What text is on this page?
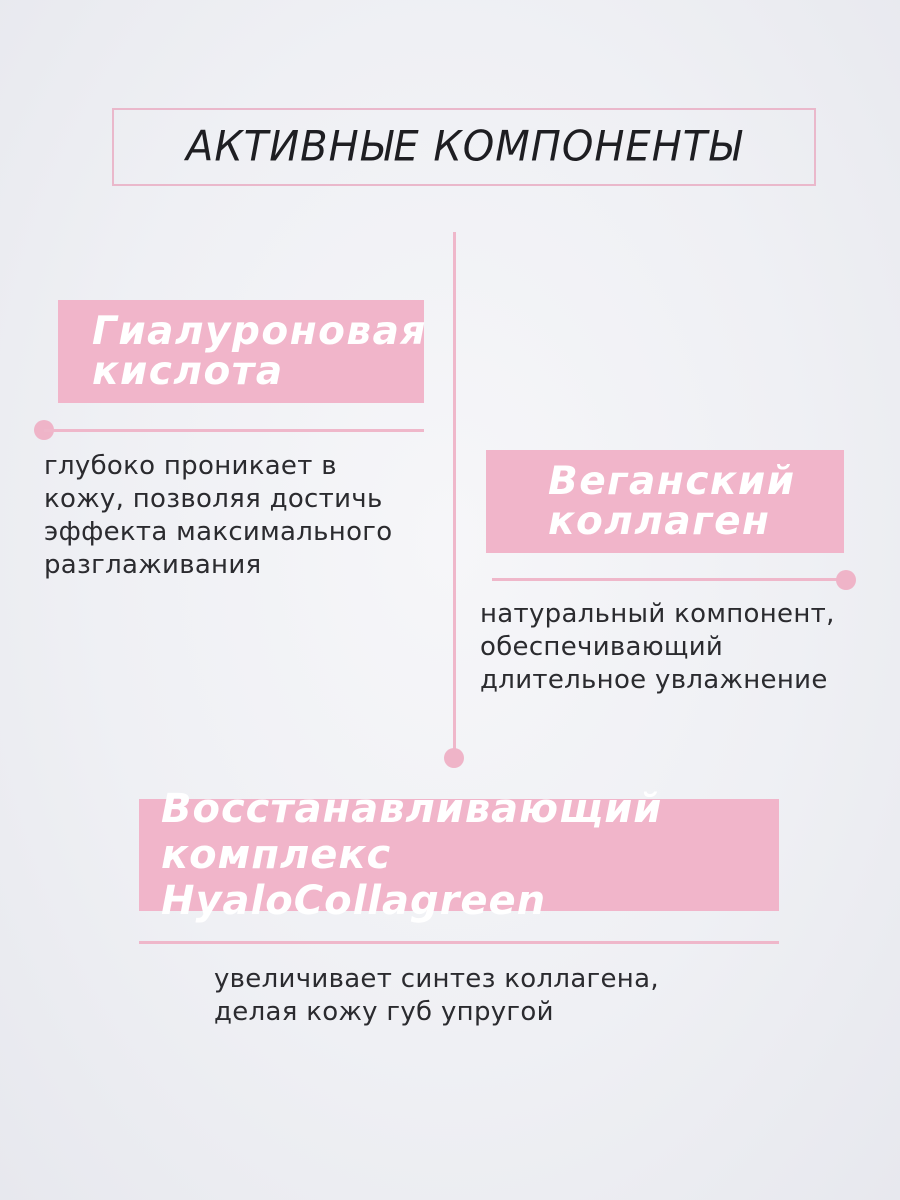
АКТИВНЫЕ КОМПОНЕНТЫ
Гиалуроновая
кислота
глубоко проникает в
кожу, позволяя достичь
эффекта максимального
разглаживания
Веганский
коллаген
натуральный компонент,
обеспечивающий
длительное увлажнение
Восстанавливающий
комплекс HyaloCollagreen
увеличивает синтез коллагена,
делая кожу губ упругой
